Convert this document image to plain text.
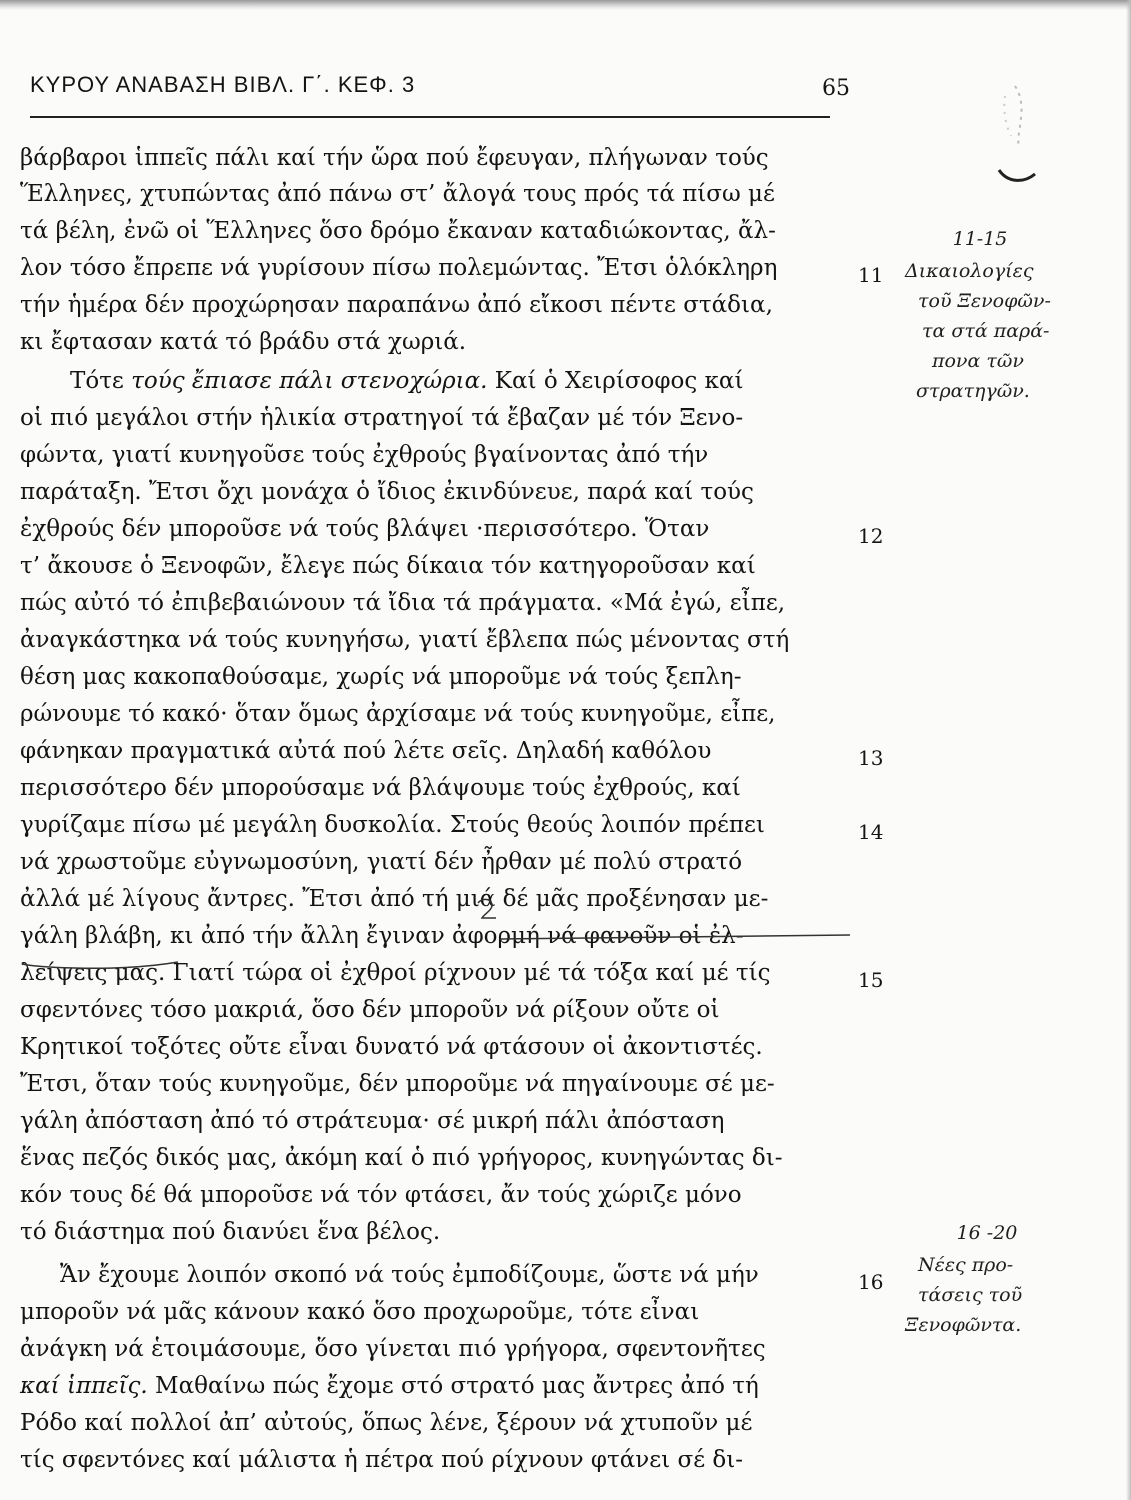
ΚΥΡΟΥ ΑΝΑΒΑΣΗ ΒΙΒΛ. Γ΄. ΚΕΦ. 3	65
βάρβαροι ἱππεῖς πάλι καί τήν ὥρα πού ἔφευγαν, πλήγωναν τούς
Ἕλληνες, χτυπώντας ἀπό πάνω στ’ ἄλογά τους πρός τά πίσω μέ
τά βέλη, ἐνῶ οἱ Ἕλληνες ὅσο δρόμο ἔκαναν καταδιώκοντας, ἄλ-
λον τόσο ἔπρεπε νά γυρίσουν πίσω πολεμώντας. Ἔτσι ὁλόκληρη
τήν ἡμέρα δέν προχώρησαν παραπάνω ἀπό εἴκοσι πέντε στάδια,
κι ἔφτασαν κατά τό βράδυ στά χωριά.
Τότε τούς ἔπιασε πάλι στενοχώρια. Καί ὁ Χειρίσοφος καί
οἱ πιό μεγάλοι στήν ἡλικία στρατηγοί τά ἔβαζαν μέ τόν Ξενο-
φώντα, γιατί κυνηγοῦσε τούς ἐχθρούς βγαίνοντας ἀπό τήν
παράταξη. Ἔτσι ὄχι μονάχα ὁ ἴδιος ἐκινδύνευε, παρά καί τούς
ἐχθρούς δέν μποροῦσε νά τούς βλάψει ·περισσότερο. Ὅταν
τ’ ἄκουσε ὁ Ξενοφῶν, ἔλεγε πώς δίκαια τόν κατηγοροῦσαν καί
πώς αὐτό τό ἐπιβεβαιώνουν τά ἴδια τά πράγματα. «Μά ἐγώ, εἶπε,
ἀναγκάστηκα νά τούς κυνηγήσω, γιατί ἔβλεπα πώς μένοντας στή
θέση μας κακοπαθούσαμε, χωρίς νά μποροῦμε νά τούς ξεπλη-
ρώνουμε τό κακό· ὅταν ὅμως ἀρχίσαμε νά τούς κυνηγοῦμε, εἶπε,
φάνηκαν πραγματικά αὐτά πού λέτε σεῖς. Δηλαδή καθόλου
περισσότερο δέν μπορούσαμε νά βλάψουμε τούς ἐχθρούς, καί
γυρίζαμε πίσω μέ μεγάλη δυσκολία. Στούς θεούς λοιπόν πρέπει
νά χρωστοῦμε εὐγνωμοσύνη, γιατί δέν ἦρθαν μέ πολύ στρατό
ἀλλά μέ λίγους ἄντρες. Ἔτσι ἀπό τή μιά δέ μᾶς προξένησαν με-
γάλη βλάβη, κι ἀπό τήν ἄλλη ἔγιναν ἀφορμή νά φανοῦν οἱ ἐλ-
λείψεις μας. Γιατί τώρα οἱ ἐχθροί ρίχνουν μέ τά τόξα καί μέ τίς
σφεντόνες τόσο μακριά, ὅσο δέν μποροῦν νά ρίξουν οὔτε οἱ
Κρητικοί τοξότες οὔτε εἶναι δυνατό νά φτάσουν οἱ ἀκοντιστές.
Ἔτσι, ὅταν τούς κυνηγοῦμε, δέν μποροῦμε νά πηγαίνουμε σέ με-
γάλη ἀπόσταση ἀπό τό στράτευμα· σέ μικρή πάλι ἀπόσταση
ἕνας πεζός δικός μας, ἀκόμη καί ὁ πιό γρήγορος, κυνηγώντας δι-
κόν τους δέ θά μποροῦσε νά τόν φτάσει, ἄν τούς χώριζε μόνο
τό διάστημα πού διανύει ἕνα βέλος.
Ἄν ἔχουμε λοιπόν σκοπό νά τούς ἐμποδίζουμε, ὥστε νά μήν
μποροῦν νά μᾶς κάνουν κακό ὅσο προχωροῦμε, τότε εἶναι
ἀνάγκη νά ἑτοιμάσουμε, ὅσο γίνεται πιό γρήγορα, σφεντονῆτες
καί ἱππεῖς. Μαθαίνω πώς ἔχομε στό στρατό μας ἄντρες ἀπό τή
Ρόδο καί πολλοί ἀπ’ αὐτούς, ὅπως λένε, ξέρουν νά χτυποῦν μέ
τίς σφεντόνες καί μάλιστα ἡ πέτρα πού ρίχνουν φτάνει σέ δι-
11
12
13
14
15
16
11-15
Δικαιολογίες
τοῦ Ξενοφῶν-
τα στά παρά-
πονα τῶν
στρατηγῶν.
16 -20
Νέες προ-
τάσεις τοῦ
Ξενοφῶντα.
